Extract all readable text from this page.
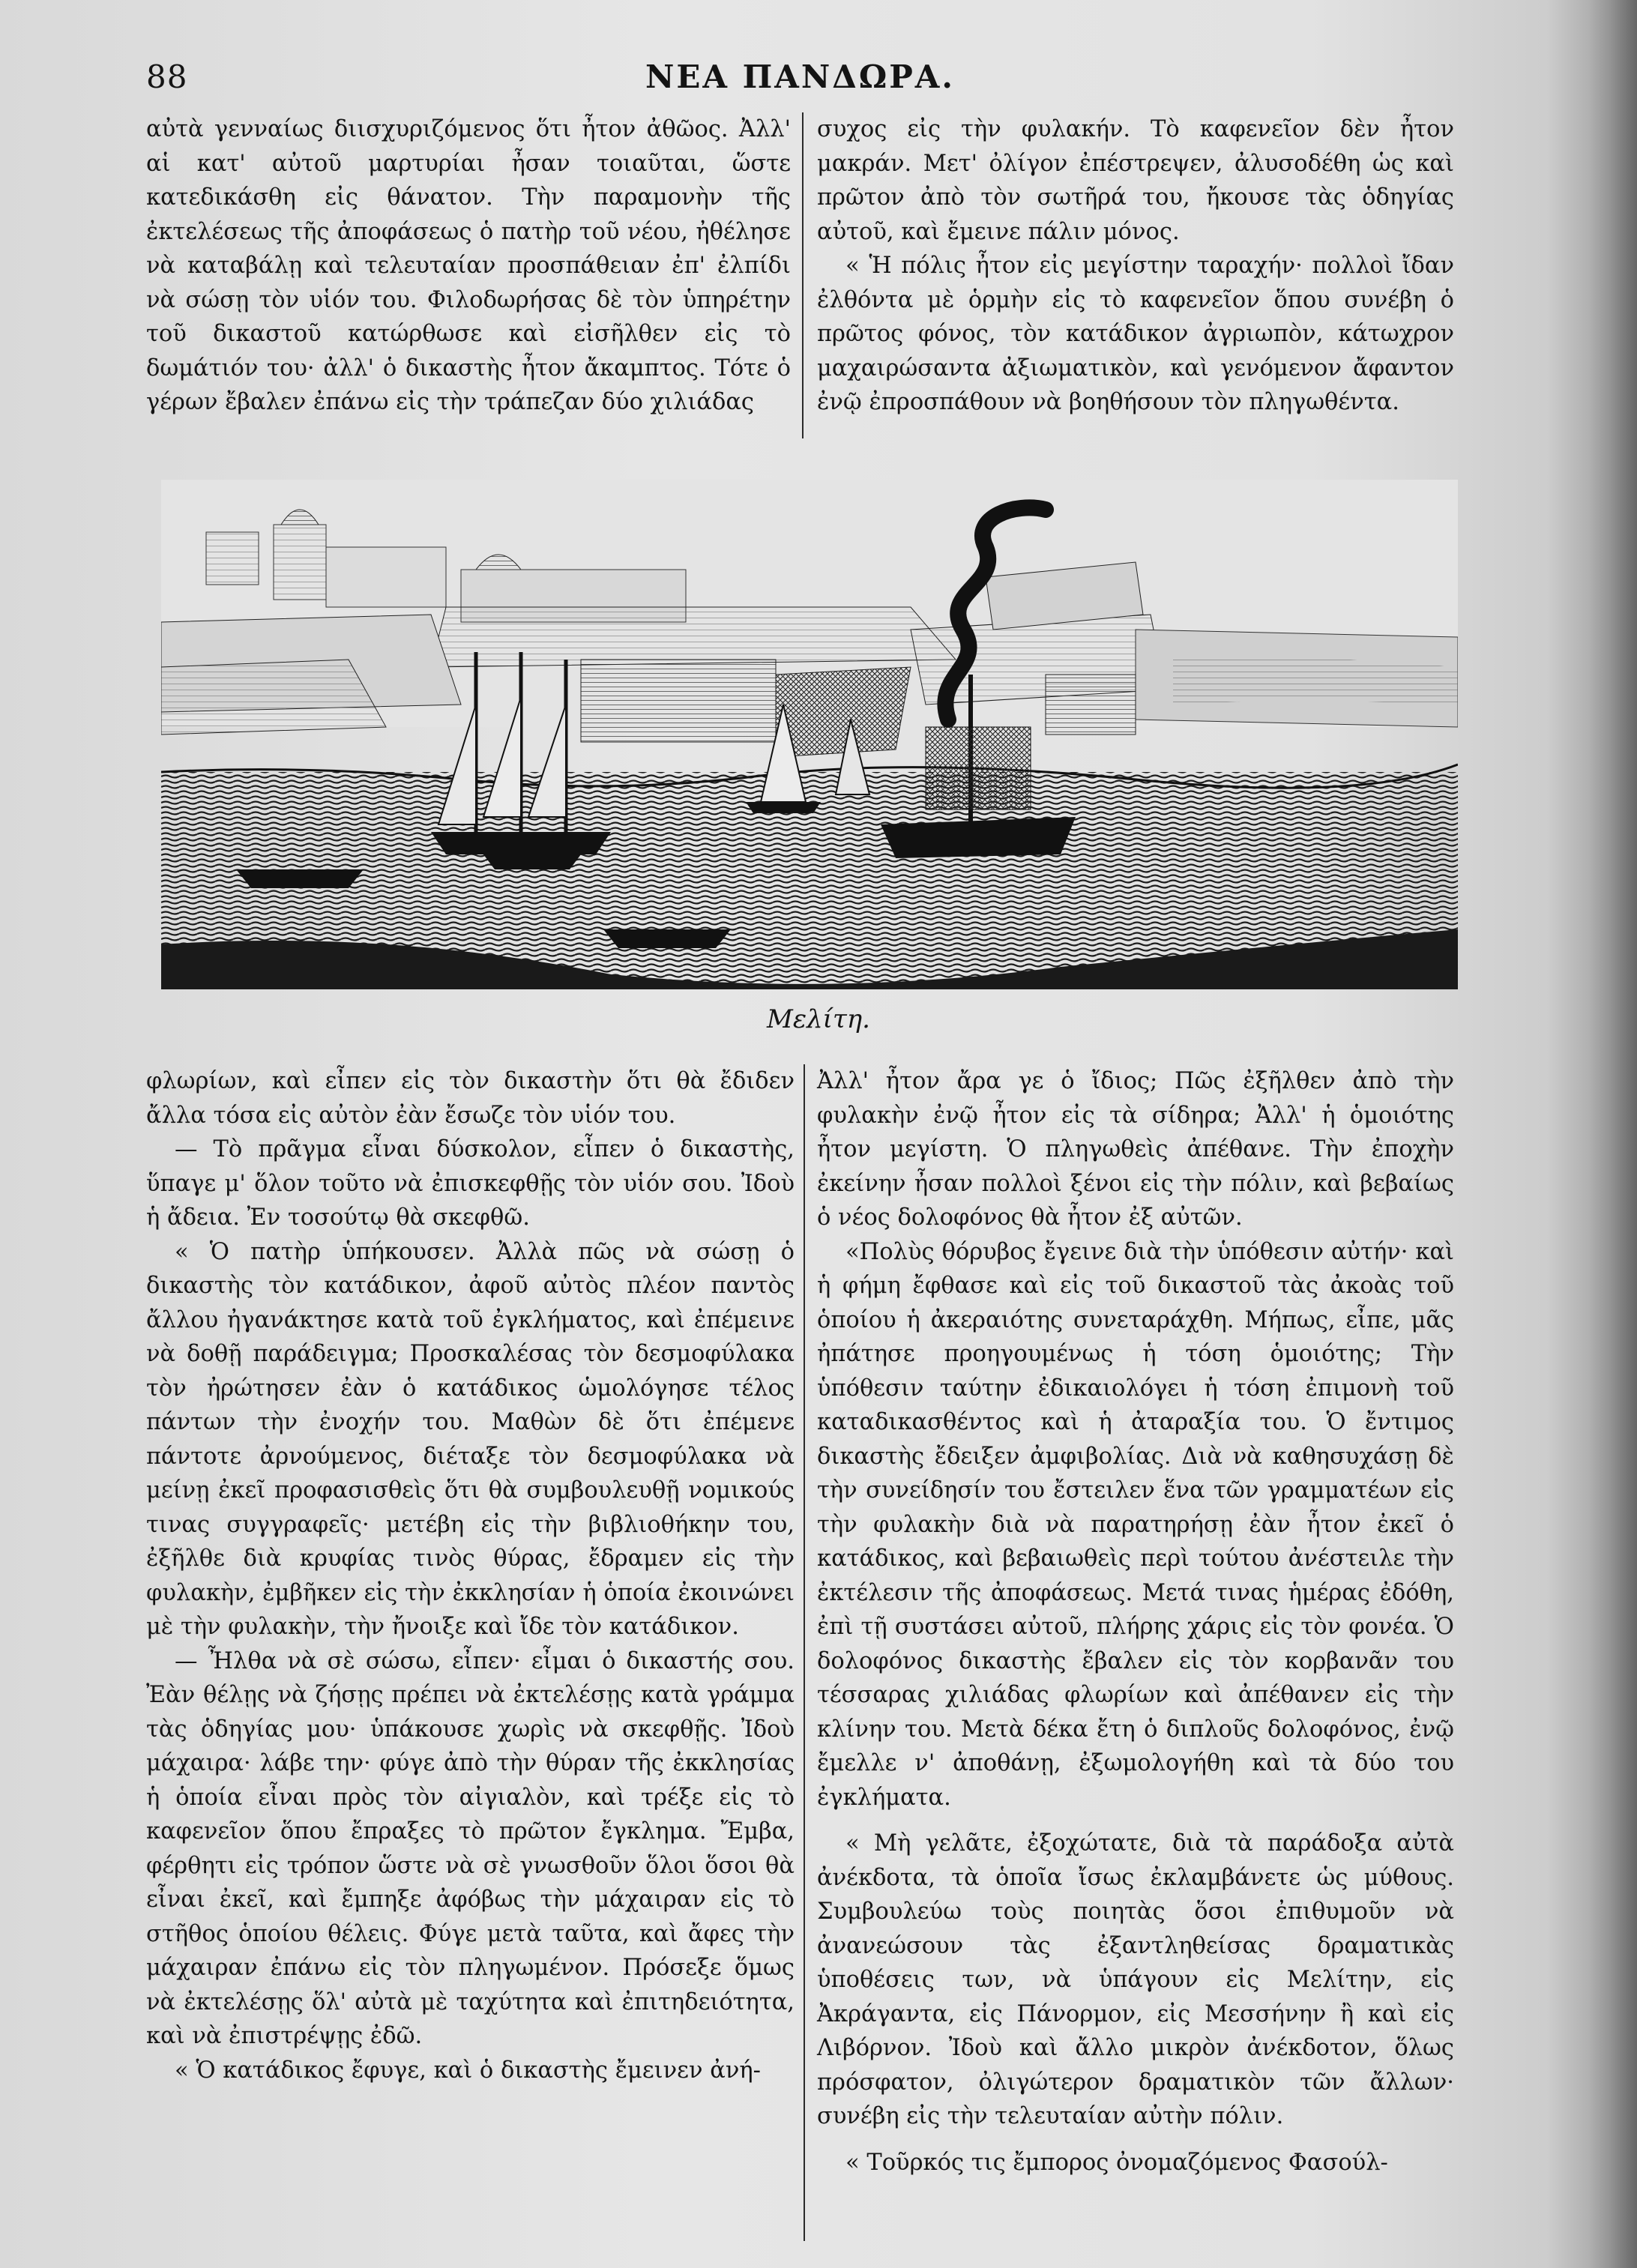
88	ΝΕΑ ΠΑΝΔΩΡΑ.

αὐτὰ γενναίως διισχυριζόμενος ὅτι ἦτον ἀθῶος. Ἀλλ' αἱ κατ' αὐτοῦ μαρτυρίαι ἦσαν τοιαῦται, ὥστε κατεδικάσθη εἰς θάνατον. Τὴν παραμονὴν τῆς ἐκτελέσεως τῆς ἀποφάσεως ὁ πατὴρ τοῦ νέου, ἠθέλησε νὰ καταβάλῃ καὶ τελευταίαν προσπάθειαν ἐπ' ἐλπίδι νὰ σώσῃ τὸν υἱόν του. Φιλοδωρήσας δὲ τὸν ὑπηρέτην τοῦ δικαστοῦ κατώρθωσε καὶ εἰσῆλθεν εἰς τὸ δωμάτιόν του· ἀλλ' ὁ δικαστὴς ἦτον ἄκαμπτος. Τότε ὁ γέρων ἔβαλεν ἐπάνω εἰς τὴν τράπεζαν δύο χιλιάδας

συχος εἰς τὴν φυλακήν. Τὸ καφενεῖον δὲν ἦτον μακράν. Μετ' ὀλίγον ἐπέστρεψεν, ἀλυσοδέθη ὡς καὶ πρῶτον ἀπὸ τὸν σωτῆρά του, ἤκουσε τὰς ὁδηγίας αὐτοῦ, καὶ ἔμεινε πάλιν μόνος.

« Ἡ πόλις ἦτον εἰς μεγίστην ταραχήν· πολλοὶ ἴδαν ἐλθόντα μὲ ὁρμὴν εἰς τὸ καφενεῖον ὅπου συνέβη ὁ πρῶτος φόνος, τὸν κατάδικον ἀγριωπὸν, κάτωχρον μαχαιρώσαντα ἀξιωματικὸν, καὶ γενόμενον ἄφαντον ἐνῷ ἐπροσπάθουν νὰ βοηθήσουν τὸν πληγωθέντα.

Μελίτη.

φλωρίων, καὶ εἶπεν εἰς τὸν δικαστὴν ὅτι θὰ ἔδιδεν ἄλλα τόσα εἰς αὐτὸν ἐὰν ἔσωζε τὸν υἱόν του.

— Τὸ πρᾶγμα εἶναι δύσκολον, εἶπεν ὁ δικαστὴς, ὕπαγε μ' ὅλον τοῦτο νὰ ἐπισκεφθῇς τὸν υἱόν σου. Ἰδοὺ ἡ ἄδεια. Ἐν τοσούτῳ θὰ σκεφθῶ.

« Ὁ πατὴρ ὑπήκουσεν. Ἀλλὰ πῶς νὰ σώσῃ ὁ δικαστὴς τὸν κατάδικον, ἀφοῦ αὐτὸς πλέον παντὸς ἄλλου ἠγανάκτησε κατὰ τοῦ ἐγκλήματος, καὶ ἐπέμεινε νὰ δοθῇ παράδειγμα; Προσκαλέσας τὸν δεσμοφύλακα τὸν ἠρώτησεν ἐὰν ὁ κατάδικος ὡμολόγησε τέλος πάντων τὴν ἐνοχήν του. Μαθὼν δὲ ὅτι ἐπέμενε πάντοτε ἀρνούμενος, διέταξε τὸν δεσμοφύλακα νὰ μείνῃ ἐκεῖ προφασισθεὶς ὅτι θὰ συμβουλευθῇ νομικούς τινας συγγραφεῖς· μετέβη εἰς τὴν βιβλιοθήκην του, ἐξῆλθε διὰ κρυφίας τινὸς θύρας, ἔδραμεν εἰς τὴν φυλακὴν, ἐμβῆκεν εἰς τὴν ἐκκλησίαν ἡ ὁποία ἐκοινώνει μὲ τὴν φυλακὴν, τὴν ἤνοιξε καὶ ἴδε τὸν κατάδικον.

— Ἦλθα νὰ σὲ σώσω, εἶπεν· εἶμαι ὁ δικαστής σου. Ἐὰν θέλῃς νὰ ζήσῃς πρέπει νὰ ἐκτελέσῃς κατὰ γράμμα τὰς ὁδηγίας μου· ὑπάκουσε χωρὶς νὰ σκεφθῇς. Ἰδοὺ μάχαιρα· λάβε την· φύγε ἀπὸ τὴν θύραν τῆς ἐκκλησίας ἡ ὁποία εἶναι πρὸς τὸν αἰγιαλὸν, καὶ τρέξε εἰς τὸ καφενεῖον ὅπου ἔπραξες τὸ πρῶτον ἔγκλημα. Ἔμβα, φέρθητι εἰς τρόπον ὥστε νὰ σὲ γνωσθοῦν ὅλοι ὅσοι θὰ εἶναι ἐκεῖ, καὶ ἔμπηξε ἀφόβως τὴν μάχαιραν εἰς τὸ στῆθος ὁποίου θέλεις. Φύγε μετὰ ταῦτα, καὶ ἄφες τὴν μάχαιραν ἐπάνω εἰς τὸν πληγωμένον. Πρόσεξε ὅμως νὰ ἐκτελέσῃς ὅλ' αὐτὰ μὲ ταχύτητα καὶ ἐπιτηδειότητα, καὶ νὰ ἐπιστρέψῃς ἐδῶ.

« Ὁ κατάδικος ἔφυγε, καὶ ὁ δικαστὴς ἔμεινεν ἀνή-

Ἀλλ' ἦτον ἄρα γε ὁ ἴδιος; Πῶς ἐξῆλθεν ἀπὸ τὴν φυλακὴν ἐνῷ ἦτον εἰς τὰ σίδηρα; Ἀλλ' ἡ ὁμοιότης ἦτον μεγίστη. Ὁ πληγωθεὶς ἀπέθανε. Τὴν ἐποχὴν ἐκείνην ἦσαν πολλοὶ ξένοι εἰς τὴν πόλιν, καὶ βεβαίως ὁ νέος δολοφόνος θὰ ἦτον ἐξ αὐτῶν.

«Πολὺς θόρυβος ἔγεινε διὰ τὴν ὑπόθεσιν αὐτήν· καὶ ἡ φήμη ἔφθασε καὶ εἰς τοῦ δικαστοῦ τὰς ἀκοὰς τοῦ ὁποίου ἡ ἀκεραιότης συνεταράχθη. Μήπως, εἶπε, μᾶς ἠπάτησε προηγουμένως ἡ τόση ὁμοιότης; Τὴν ὑπόθεσιν ταύτην ἐδικαιολόγει ἡ τόση ἐπιμονὴ τοῦ καταδικασθέντος καὶ ἡ ἀταραξία του. Ὁ ἔντιμος δικαστὴς ἔδειξεν ἀμφιβολίας. Διὰ νὰ καθησυχάσῃ δὲ τὴν συνείδησίν του ἔστειλεν ἕνα τῶν γραμματέων εἰς τὴν φυλακὴν διὰ νὰ παρατηρήσῃ ἐὰν ἦτον ἐκεῖ ὁ κατάδικος, καὶ βεβαιωθεὶς περὶ τούτου ἀνέστειλε τὴν ἐκτέλεσιν τῆς ἀποφάσεως. Μετά τινας ἡμέρας ἐδόθη, ἐπὶ τῇ συστάσει αὐτοῦ, πλήρης χάρις εἰς τὸν φονέα. Ὁ δολοφόνος δικαστὴς ἔβαλεν εἰς τὸν κορβανᾶν του τέσσαρας χιλιάδας φλωρίων καὶ ἀπέθανεν εἰς τὴν κλίνην του. Μετὰ δέκα ἔτη ὁ διπλοῦς δολοφόνος, ἐνῷ ἔμελλε ν' ἀποθάνῃ, ἐξωμολογήθη καὶ τὰ δύο του ἐγκλήματα.

« Μὴ γελᾶτε, ἐξοχώτατε, διὰ τὰ παράδοξα αὐτὰ ἀνέκδοτα, τὰ ὁποῖα ἴσως ἐκλαμβάνετε ὡς μύθους. Συμβουλεύω τοὺς ποιητὰς ὅσοι ἐπιθυμοῦν νὰ ἀνανεώσουν τὰς ἐξαντληθείσας δραματικὰς ὑποθέσεις των, νὰ ὑπάγουν εἰς Μελίτην, εἰς Ἀκράγαντα, εἰς Πάνορμον, εἰς Μεσσήνην ἢ καὶ εἰς Λιβόρνον. Ἰδοὺ καὶ ἄλλο μικρὸν ἀνέκδοτον, ὅλως πρόσφατον, ὀλιγώτερον δραματικὸν τῶν ἄλλων· συνέβη εἰς τὴν τελευταίαν αὐτὴν πόλιν.

« Τοῦρκός τις ἔμπορος ὀνομαζόμενος Φασούλ-
